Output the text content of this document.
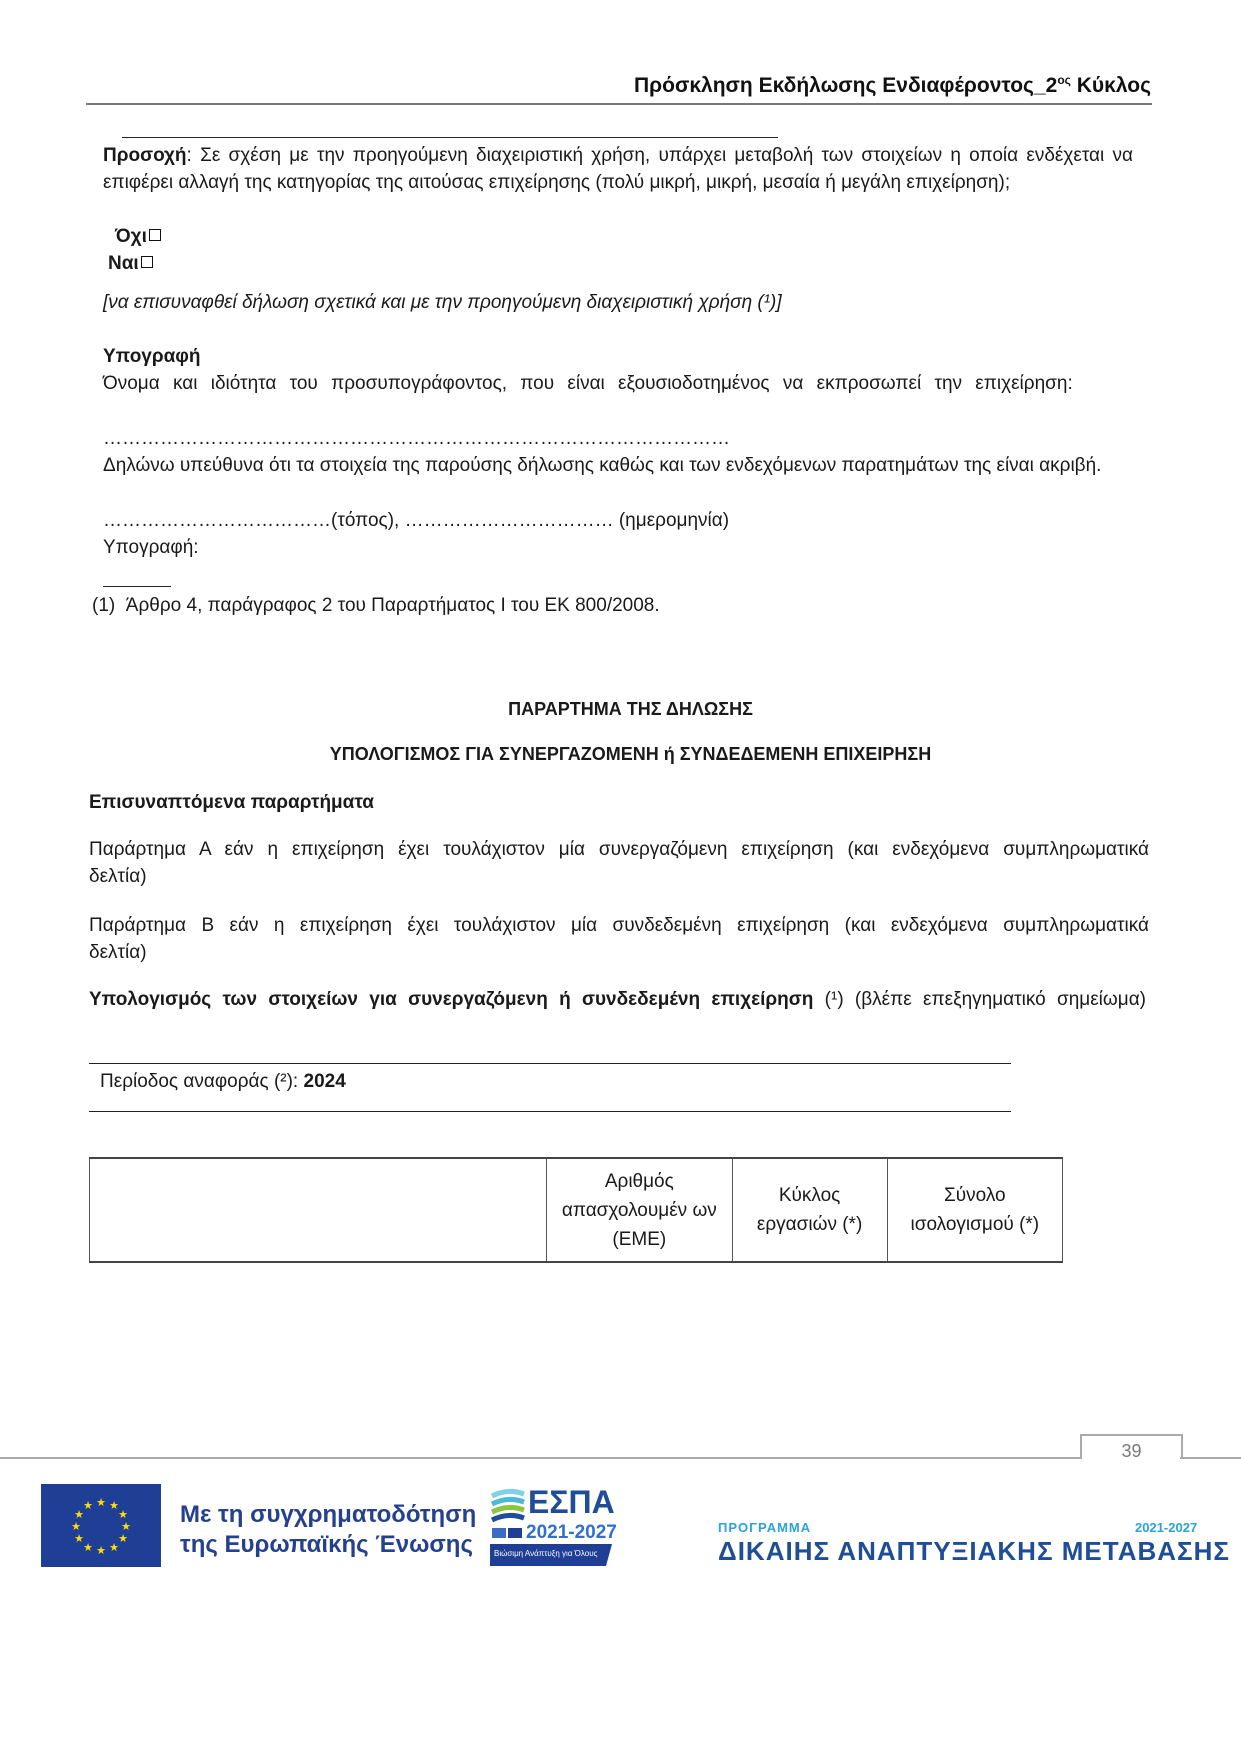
Πρόσκληση Εκδήλωσης $E\nu\delta\iota\alpha\varphi έ\rho o\nu\tau o\varsigma\_2^{o\varsigma}$ Κύκλος
Προσοχή: Σε σχέση με την προηγούμενη διαχειριστική χρήση, υπάρχει μεταβολή των στοιχείων η οποία ενδέχεται να επιφέρει αλλαγή της κατηγορίας της αιτούσας επιχείρησης (πολύ μικρή, μικρή, μεσαία ή μεγάλη επιχείρηση);
Όχι
Ναι
[να επισυναφθεί δήλωση σχετικά και με την προηγούμενη διαχειριστική χρήση (¹)]
Υπογραφή
Όνομα και ιδιότητα του προσυπογράφοντος, που είναι εξουσιοδοτημένος να εκπροσωπεί την επιχείρηση:
………………………………………………………………………………………
Δηλώνω υπεύθυνα ότι τα στοιχεία της παρούσης δήλωσης καθώς και των ενδεχόμενων παρατημάτων της είναι ακριβή.
………………………………(τόπος), …………………………… (ημερομηνία)
Υπογραφή:
(1) Άρθρο 4, παράγραφος 2 του Παραρτήματος I του ΕΚ 800/2008.
ΠΑΡΑΡΤΗΜΑ ΤΗΣ ΔΗΛΩΣΗΣ
ΥΠΟΛΟΓΙΣΜΟΣ ΓΙΑ ΣΥΝΕΡΓΑΖΟΜΕΝΗ ή ΣΥΝΔΕΔΕΜΕΝΗ ΕΠΙΧΕΙΡΗΣΗ
Επισυναπτόμενα παραρτήματα
Παράρτημα Α εάν η επιχείρηση έχει τουλάχιστον μία συνεργαζόμενη επιχείρηση (και ενδεχόμενα συμπληρωματικά δελτία)
Παράρτημα Β εάν η επιχείρηση έχει τουλάχιστον μία συνδεδεμένη επιχείρηση (και ενδεχόμενα συμπληρωματικά δελτία)
Υπολογισμός των στοιχείων για συνεργαζόμενη ή συνδεδεμένη επιχείρηση (¹) (βλέπε επεξηγηματικό σημείωμα)
Περίοδος αναφοράς (²): 2024
	Αριθμός απασχολουμέν ων (ΕΜΕ)	Κύκλος εργασιών (*)	Σύνολο ισολογισμού (*)
39
★ ★
★
★
★
★
★
★
★
★
★
★	Με τη συγχρηματοδότηση
της Ευρωπαϊκής Ένωσης
ΕΣΠΑ
2021-2027
Βιώσιμη Ανάπτυξη για Όλους
ΠΡΟΓΡΑΜΜΑ	2021-2027
ΔΙΚΑΙΗΣ ΑΝΑΠΤΥΞΙΑΚΗΣ ΜΕΤΑΒΑΣΗΣ
